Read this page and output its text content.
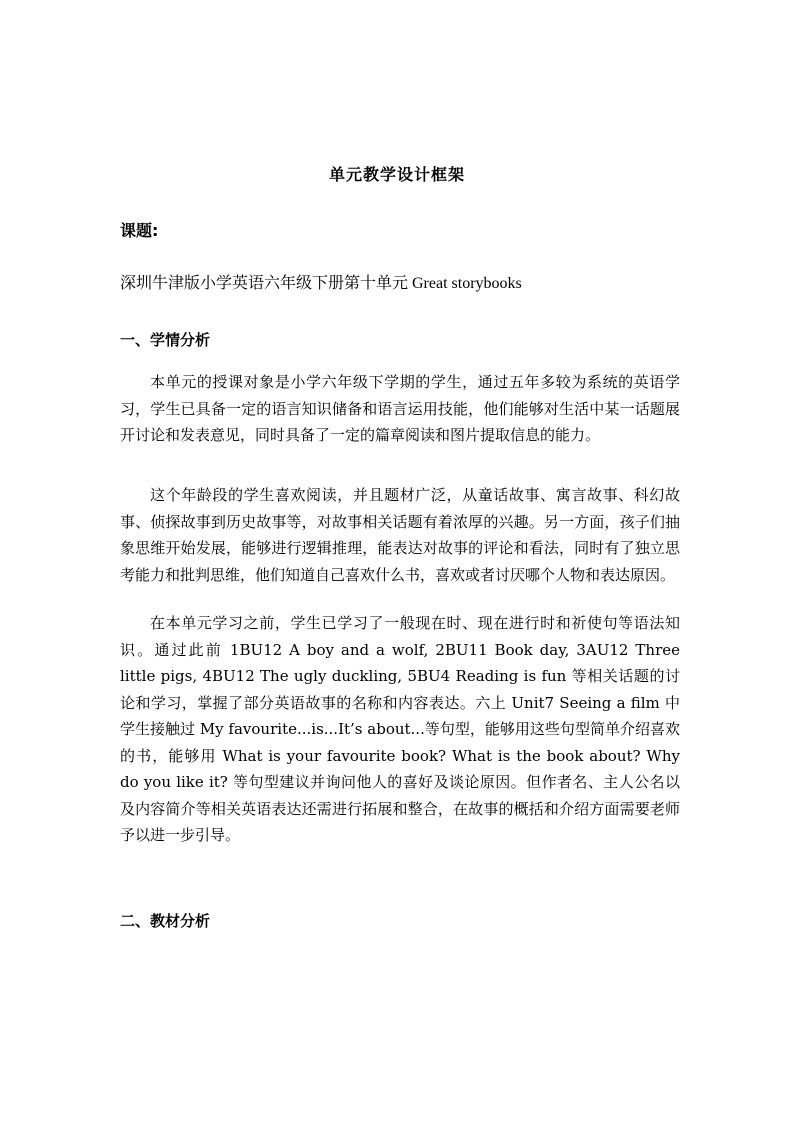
单元教学设计框架
课题:
深圳牛津版小学英语六年级下册第十单元 Great storybooks
一、学情分析
本单元的授课对象是小学六年级下学期的学生，通过五年多较为系统的英语学习，学生已具备一定的语言知识储备和语言运用技能，他们能够对生活中某一话题展开讨论和发表意见，同时具备了一定的篇章阅读和图片提取信息的能力。
这个年龄段的学生喜欢阅读，并且题材广泛，从童话故事、寓言故事、科幻故事、侦探故事到历史故事等，对故事相关话题有着浓厚的兴趣。另一方面，孩子们抽象思维开始发展，能够进行逻辑推理，能表达对故事的评论和看法，同时有了独立思考能力和批判思维，他们知道自己喜欢什么书，喜欢或者讨厌哪个人物和表达原因。
在本单元学习之前，学生已学习了一般现在时、现在进行时和祈使句等语法知识。通过此前 1BU12 A boy and a wolf, 2BU11 Book day, 3AU12 Three little pigs, 4BU12 The ugly duckling, 5BU4 Reading is fun 等相关话题的讨论和学习，掌握了部分英语故事的名称和内容表达。六上 Unit7 Seeing a film 中学生接触过 My favourite...is...It’s about...等句型，能够用这些句型简单介绍喜欢的书，能够用 What is your favourite book? What is the book about? Why do you like it? 等句型建议并询问他人的喜好及谈论原因。但作者名、主人公名以及内容简介等相关英语表达还需进行拓展和整合，在故事的概括和介绍方面需要老师予以进一步引导。
二、教材分析
